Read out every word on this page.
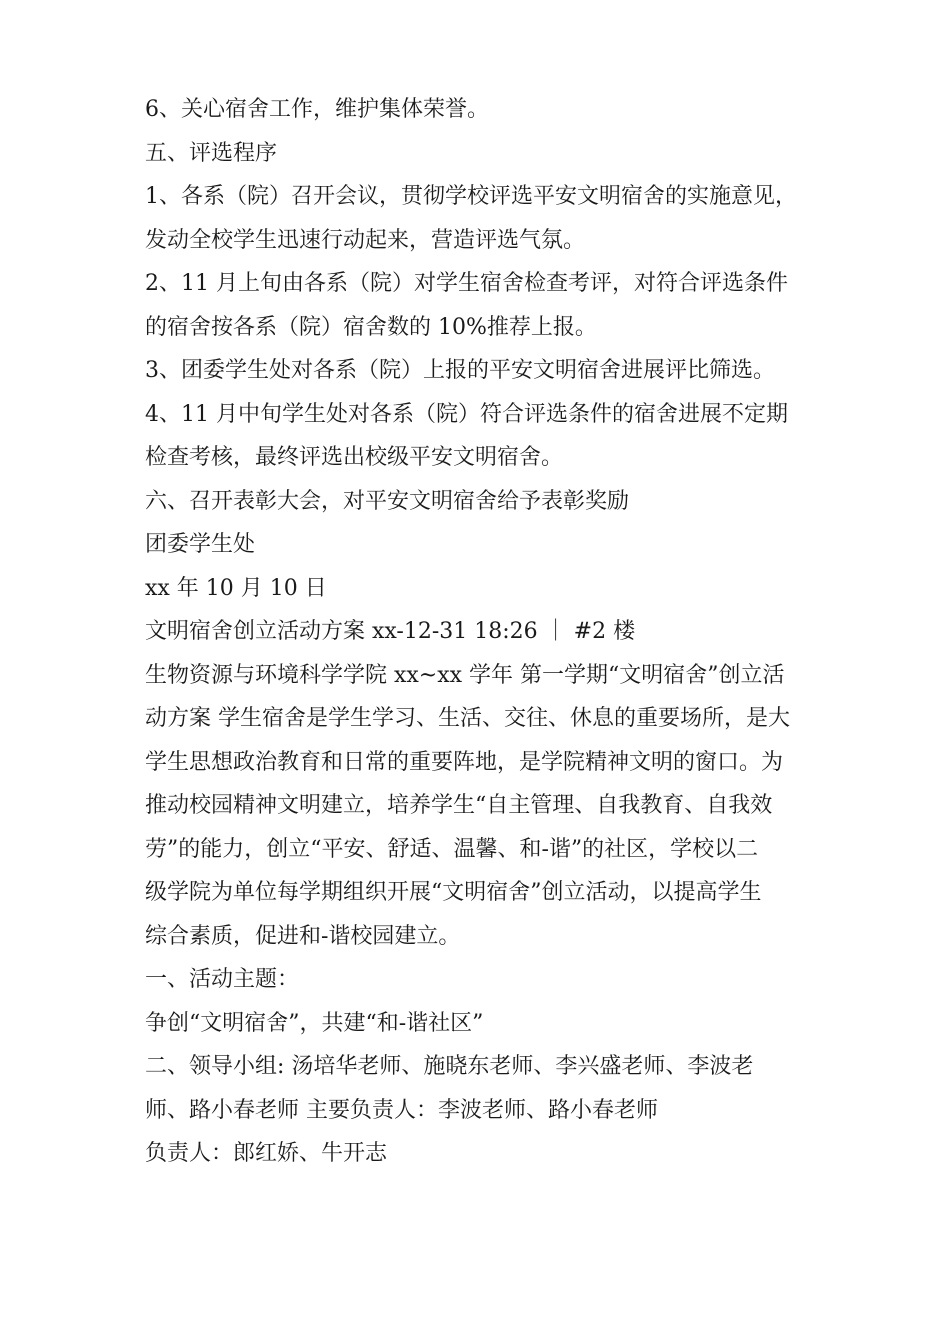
6、关心宿舍工作，维护集体荣誉。
五、评选程序
1、各系（院）召开会议，贯彻学校评选平安文明宿舍的实施意见，
发动全校学生迅速行动起来，营造评选气氛。
2、11 月上旬由各系（院）对学生宿舍检查考评，对符合评选条件
的宿舍按各系（院）宿舍数的 10%推荐上报。
3、团委学生处对各系（院）上报的平安文明宿舍进展评比筛选。
4、11 月中旬学生处对各系（院）符合评选条件的宿舍进展不定期
检查考核，最终评选出校级平安文明宿舍。
六、召开表彰大会，对平安文明宿舍给予表彰奖励
团委学生处
xx 年 10 月 10 日
文明宿舍创立活动方案 xx-12-31 18:26 ｜ #2 楼
生物资源与环境科学学院 xx~xx 学年 第一学期“文明宿舍”创立活
动方案 学生宿舍是学生学习、生活、交往、休息的重要场所，是大
学生思想政治教育和日常的重要阵地，是学院精神文明的窗口。为
推动校园精神文明建立，培养学生“自主管理、自我教育、自我效
劳”的能力，创立“平安、舒适、温馨、和-谐”的社区，学校以二
级学院为单位每学期组织开展“文明宿舍”创立活动，以提高学生
综合素质，促进和-谐校园建立。
一、活动主题：
争创“文明宿舍”，共建“和-谐社区”
二、领导小组: 汤培华老师、施晓东老师、李兴盛老师、李波老
师、路小春老师 主要负责人：李波老师、路小春老师
负责人：郎红娇、牛开志
